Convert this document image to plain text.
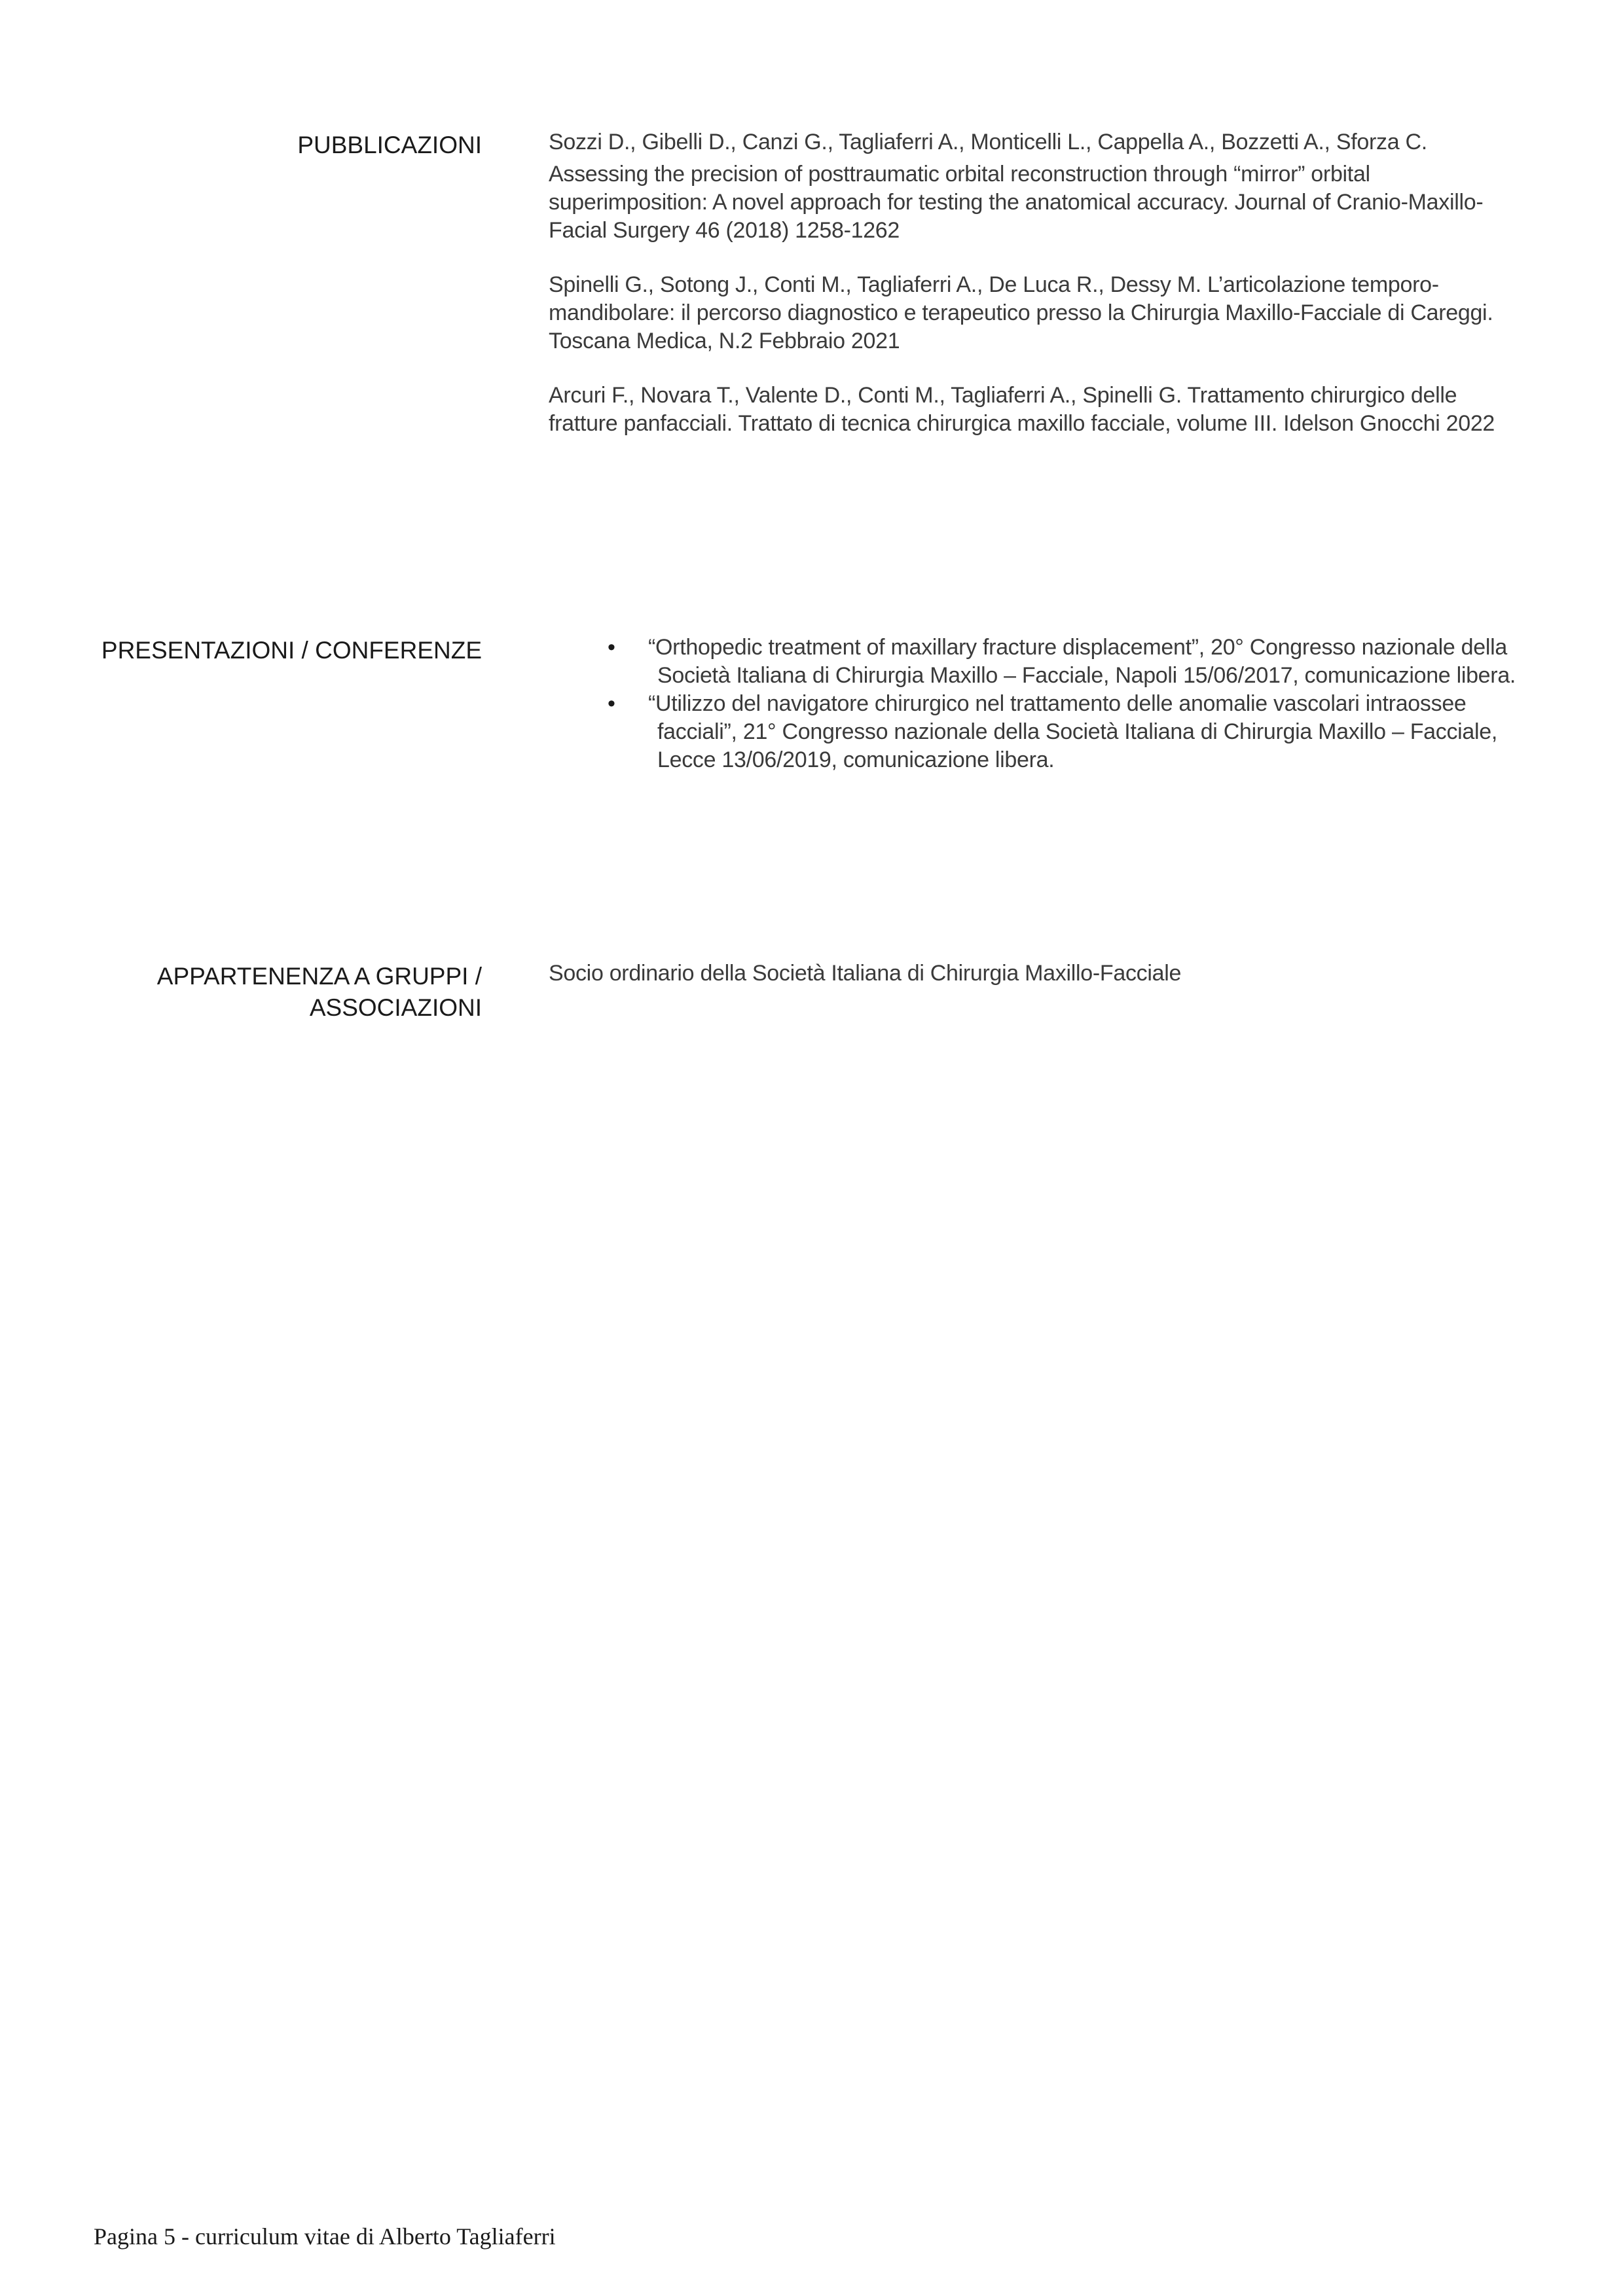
PUBBLICAZIONI	Sozzi D., Gibelli D., Canzi G., Tagliaferri A., Monticelli L., Cappella A., Bozzetti A., Sforza C.
Assessing the precision of posttraumatic orbital reconstruction through “mirror” orbital superimposition: A novel approach for testing the anatomical accuracy. Journal of Cranio-Maxillo-Facial Surgery 46 (2018) 1258-1262
Spinelli G., Sotong J., Conti M., Tagliaferri A., De Luca R., Dessy M. L’articolazione temporo-mandibolare: il percorso diagnostico e terapeutico presso la Chirurgia Maxillo-Facciale di Careggi. Toscana Medica, N.2 Febbraio 2021
Arcuri F., Novara T., Valente D., Conti M., Tagliaferri A., Spinelli G. Trattamento chirurgico delle fratture panfacciali. Trattato di tecnica chirurgica maxillo facciale, volume III. Idelson Gnocchi 2022
PRESENTAZIONI / CONFERENZE	• “Orthopedic treatment of maxillary fracture displacement”, 20° Congresso nazionale della Società Italiana di Chirurgia Maxillo – Facciale, Napoli 15/06/2017, comunicazione libera.
• “Utilizzo del navigatore chirurgico nel trattamento delle anomalie vascolari intraossee facciali”, 21° Congresso nazionale della Società Italiana di Chirurgia Maxillo – Facciale, Lecce 13/06/2019, comunicazione libera.
APPARTENENZA A GRUPPI /
ASSOCIAZIONI
Socio ordinario della Società Italiana di Chirurgia Maxillo-Facciale
Pagina 5 - curriculum vitae di Alberto Tagliaferri
